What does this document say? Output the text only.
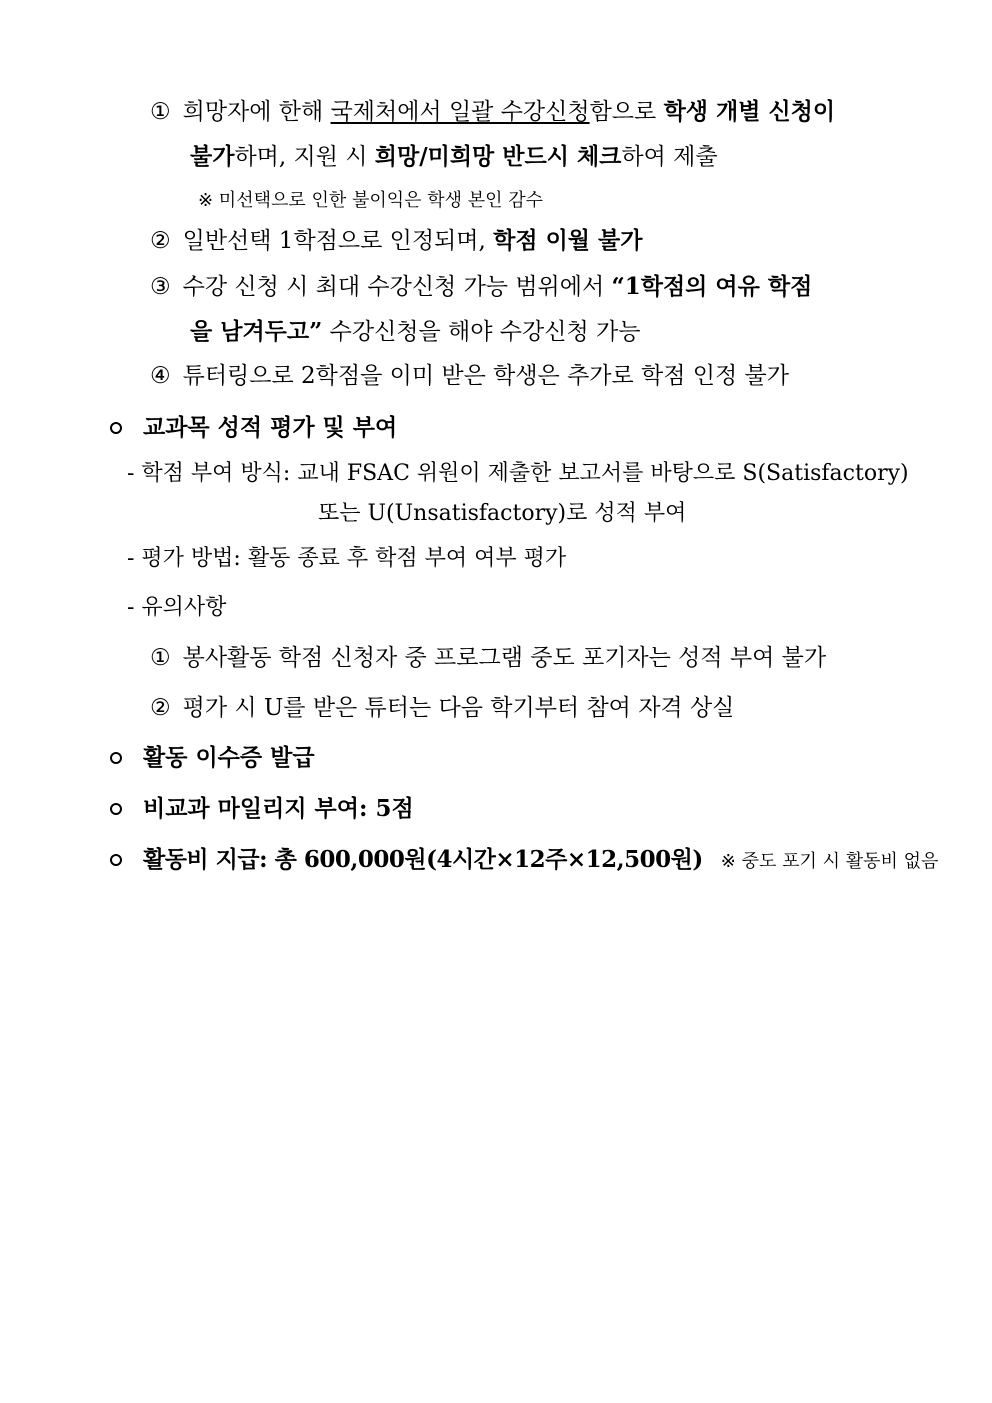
① 희망자에 한해 국제처에서 일괄 수강신청함으로 학생 개별 신청이
불가하며, 지원 시 희망/미희망 반드시 체크하여 제출
※ 미선택으로 인한 불이익은 학생 본인 감수
② 일반선택 1학점으로 인정되며, 학점 이월 불가
③ 수강 신청 시 최대 수강신청 가능 범위에서 “1학점의 여유 학점
을 남겨두고” 수강신청을 해야 수강신청 가능
④ 튜터링으로 2학점을 이미 받은 학생은 추가로 학점 인정 불가
교과목 성적 평가 및 부여
- 학점 부여 방식: 교내 FSAC 위원이 제출한 보고서를 바탕으로 S(Satisfactory)
또는 U(Unsatisfactory)로 성적 부여
- 평가 방법: 활동 종료 후 학점 부여 여부 평가
- 유의사항
① 봉사활동 학점 신청자 중 프로그램 중도 포기자는 성적 부여 불가
② 평가 시 U를 받은 튜터는 다음 학기부터 참여 자격 상실
활동 이수증 발급
비교과 마일리지 부여: 5점
활동비 지급: 총 600,000원(4시간×12주×12,500원) ※ 중도 포기 시 활동비 없음
